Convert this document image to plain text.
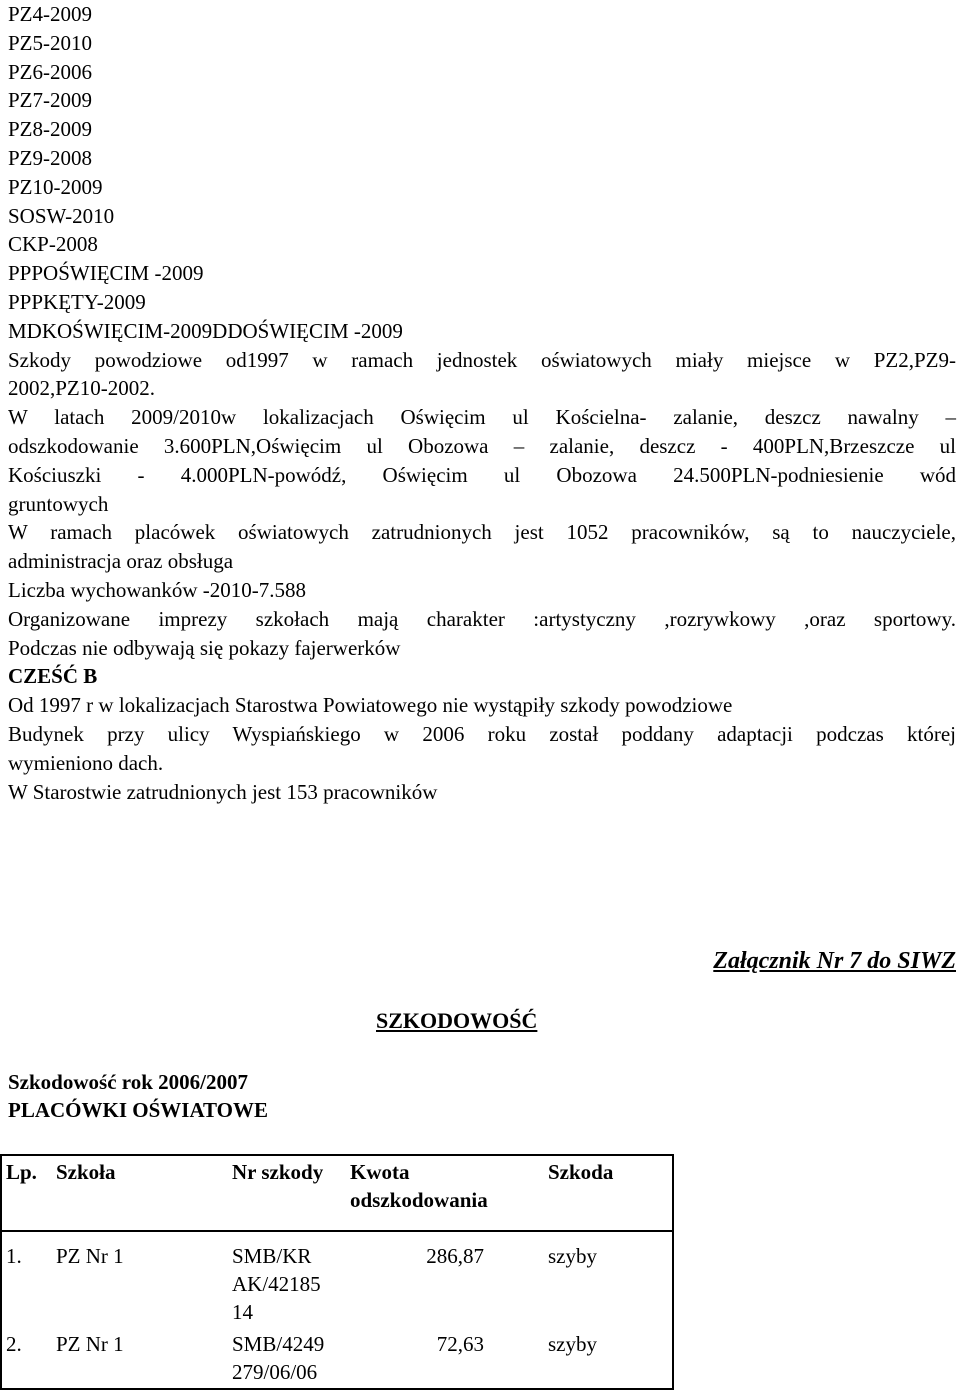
PZ4-2009
PZ5-2010
PZ6-2006
PZ7-2009
PZ8-2009
PZ9-2008
PZ10-2009
SOSW-2010
CKP-2008
PPPOŚWIĘCIM -2009
PPPKĘTY-2009
MDKOŚWIĘCIM-2009DDOŚWIĘCIM -2009
Szkody powodziowe od1997 w ramach jednostek oświatowych miały miejsce w PZ2,PZ9-
2002,PZ10-2002.
W latach 2009/2010w lokalizacjach Oświęcim ul Kościelna- zalanie, deszcz nawalny –
odszkodowanie 3.600PLN,Oświęcim ul Obozowa – zalanie, deszcz - 400PLN,Brzeszcze ul
Kościuszki - 4.000PLN-powódź, Oświęcim ul Obozowa 24.500PLN-podniesienie wód
gruntowych
W ramach placówek oświatowych zatrudnionych jest 1052 pracowników, są to nauczyciele,
administracja oraz obsługa
Liczba wychowanków -2010-7.588
Organizowane imprezy szkołach mają charakter :artystyczny ,rozrywkowy ,oraz sportowy.
Podczas nie odbywają się pokazy fajerwerków
CZEŚĆ B
Od 1997 r w lokalizacjach Starostwa Powiatowego nie wystąpiły szkody powodziowe
Budynek przy ulicy Wyspiańskiego w 2006 roku został poddany adaptacji podczas której
wymieniono dach.
W Starostwie zatrudnionych jest 153 pracowników
Załącznik Nr 7 do SIWZ
SZKODOWOŚĆ
Szkodowość rok 2006/2007
PLACÓWKI OŚWIATOWE
Lp.	Szkoła	Nr szkody	Kwota odszkodowania	Szkoda
1.	PZ Nr 1	SMB/KR AK/42185 14	286,87	szyby
2.	PZ Nr 1	SMB/4249 279/06/06	72,63	szyby
